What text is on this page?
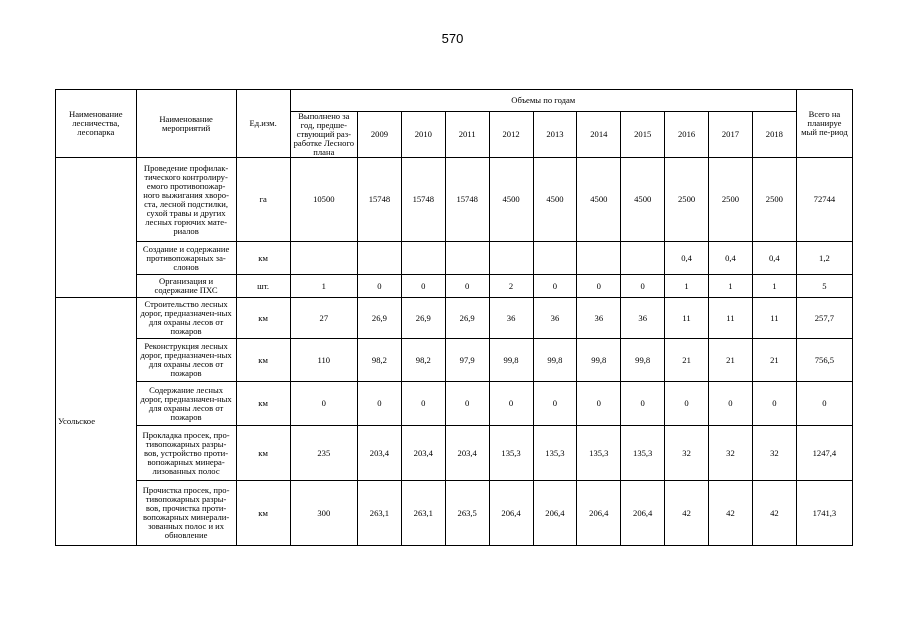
570
Наименование лесничества, лесопарка	Наименование мероприятий	Ед.изм.	Объемы по годам											Всего на планируе мый пе-риод
			Выполнено за год, предше-ствующий раз-работке Лесного плана	2009	2010	2011	2012	2013	2014	2015	2016	2017	2018	
	Проведение профилак-тического контролиру-емого противопожар-ного выжигания хворо-ста, лесной подстилки, сухой травы и других лесных горючих мате-риалов	га	10500	15748	15748	15748	4500	4500	4500	4500	2500	2500	2500	72744
	Создание и содержание противопожарных за-слонов	км									0,4	0,4	0,4	1,2
	Организация и содержание ПХС	шт.	1	0	0	0	2	0	0	0	1	1	1	5
Усольское	Строительство лесных дорог, предназначен-ных для охраны лесов от пожаров	км	27	26,9	26,9	26,9	36	36	36	36	11	11	11	257,7
	Реконструкция лесных дорог, предназначен-ных для охраны лесов от пожаров	км	110	98,2	98,2	97,9	99,8	99,8	99,8	99,8	21	21	21	756,5
	Содержание лесных дорог, предназначен-ных для охраны лесов от пожаров	км	0	0	0	0	0	0	0	0	0	0	0	0
	Прокладка просек, про-тивопожарных разры-вов, устройство проти-вопожарных минера-лизованных полос	км	235	203,4	203,4	203,4	135,3	135,3	135,3	135,3	32	32	32	1247,4
	Прочистка просек, про-тивопожарных разры-вов, прочистка проти-вопожарных минерали-зованных полос и их обновление	км	300	263,1	263,1	263,5	206,4	206,4	206,4	206,4	42	42	42	1741,3
